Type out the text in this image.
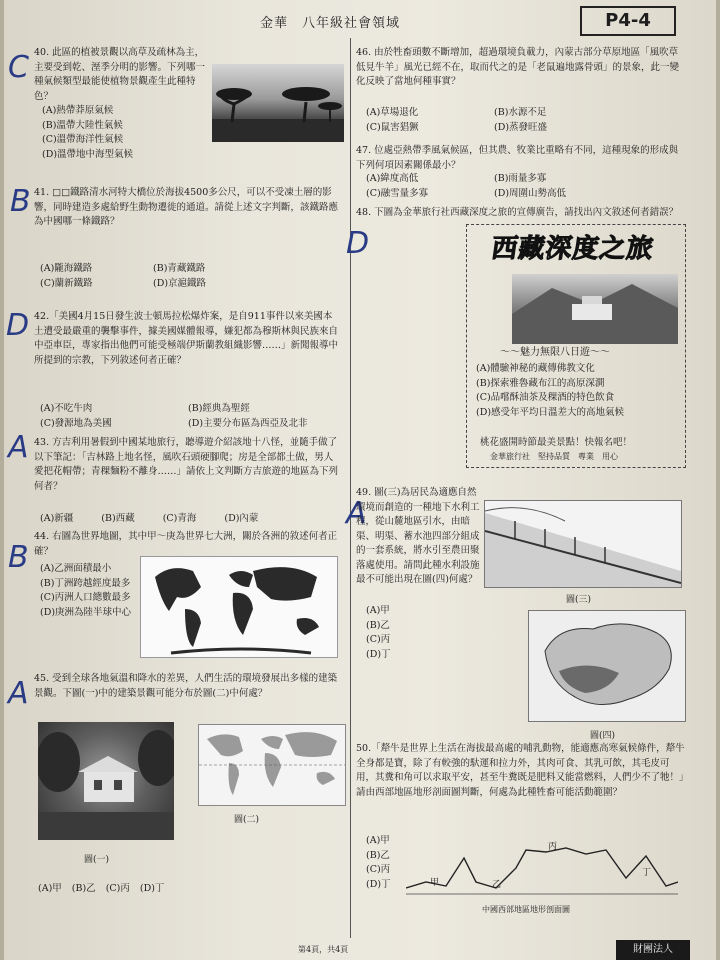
金華　八年級社會領域	P4-4
C 40. 此區的植被景觀以高草及疏林為主，主要受到乾、溼季分明的影響。下列哪一種氣候類型最能使植物景觀產生此種特色？
(A)熱帶莽原氣候
(B)溫帶大陸性氣候
(C)溫帶海洋性氣候
(D)溫帶地中海型氣候
B 41. □□鐵路清水河特大橋位於海拔4500多公尺，可以不受凍土層的影響，同時建造多處給野生動物遷徙的通道。請從上述文字判斷，該鐵路應為中國哪一條鐵路？
(A)隴海鐵路	(B)青藏鐵路
(C)蘭新鐵路	(D)京滬鐵路
D 42.「美國4月15日發生波士頓馬拉松爆炸案，是自911事件以來美國本土遭受最嚴重的襲擊事件，據美國媒體報導，嫌犯都為穆斯林與民族來自中亞車臣，專家指出他們可能受極端伊斯蘭教組織影響……」新聞報導中所提到的宗教，下列敘述何者正確？
(A)不吃牛肉	(B)經典為聖經
(C)發源地為美國	(D)主要分布區為西亞及北非
A 43. 方吉利用暑假到中國某地旅行，聽導遊介紹該地十八怪，並隨手做了以下筆記：「吉林路上地名怪，風吹石頭硬腳爬；房是全部都土做，男人愛把花帽帶；青稞麵粉不離身……」請依上文判斷方吉旅遊的地區為下列何者？
(A)新疆	(B)西藏	(C)青海	(D)內蒙
B
44. 右圖為世界地圖，其中甲～庚為世界七大洲，關於各洲的敘述何者正確？
(A)乙洲面積最小
(B)丁洲跨越經度最多
(C)丙洲人口總數最多
(D)庚洲為陸半球中心
A 45. 受到全球各地氣溫和降水的差異，人們生活的環境發展出多樣的建築景觀。下圖(一)中的建築景觀可能分布於圖(二)中何處？
圖(一)
圖(二)
(A)甲 (B)乙 (C)丙 (D)丁
46. 由於牲畜頭數不斷增加，超過環境負載力，內蒙古部分草原地區「風吹草低見牛羊」風光已經不在，取而代之的是「老鼠遍地露骨頭」的景象，此一變化反映了當地何種事實？
(A)草場退化	(B)水源不足
(C)鼠害猖獗	(D)蒸發旺盛
47. 位處亞熱帶季風氣候區，但其農、牧業比重略有不同，這種現象的形成與下列何項因素關係最小？
(A)緯度高低	(B)雨量多寡
(C)融雪量多寡	(D)周圍山勢高低
D
48. 下圖為金華旅行社西藏深度之旅的宣傳廣告，請找出內文敘述何者錯誤？
西藏深度之旅
～～魅力無限八日遊～～
(A)體驗神秘的藏傳佛教文化
(B)探索雅魯藏布江的高原深澗
(C)品嚐酥油茶及稞酒的特色飲食
(D)感受年平均日溫差大的高地氣候
桃花盛開時節最美景點！快報名吧！
金華旅行社　堅持品質　專業　用心
A
49. 圖(三)為居民為適應自然環境而創造的一種地下水利工程，從山麓地區引水，由暗渠、明渠、蓄水池四部分組成的一套系統，將水引至農田聚落處使用。請問此種水利設施最不可能出現在圖(四)何處？
(A)甲
(B)乙
(C)丙
(D)丁
圖(三)
圖(四)
50.「犛牛是世界上生活在海拔最高處的哺乳動物，能適應高寒氣候條件，犛牛全身都是寶，除了有較強的馱運和拉力外，其肉可食、其乳可飲，其毛皮可用，其糞和角可以求取平安，甚至牛糞既是肥料又能當燃料，人們少不了牠！」請由西部地區地形剖面圖判斷，何處為此種牲畜可能活動範圍？
(A)甲
(B)乙
(C)丙
(D)丁	甲	乙
丙
丁
中國西部地區地形剖面圖
第4頁，共4頁	財團法人
